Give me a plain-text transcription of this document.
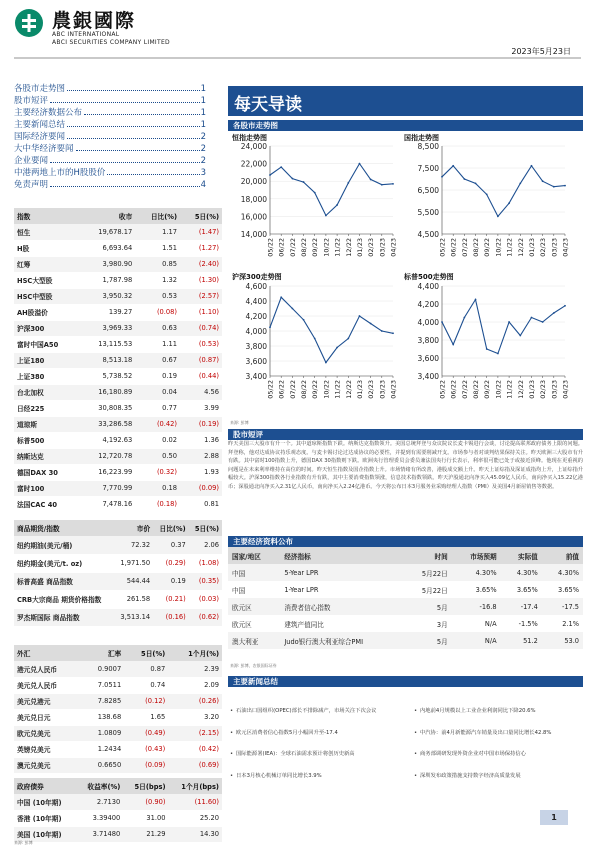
農銀國際
ABC INTERNATIONAL
ABCI SECURITIES COMPANY LIMITED
2023年5月23日
各股市走势图	1
股市短评	1
主要经济数据公布	1
主要新闻总结	1
国际经济要闻	2
大中华经济要闻	2
企业要闻	2
中港两地上市的H股股价	3
免责声明	4
指数	收市	日比(%)	5日(%)
恒生	19,678.17	1.17	(1.47)
H股	6,693.64	1.51	(1.27)
红筹	3,980.90	0.85	(2.40)
HSC大型股	1,787.98	1.32	(1.30)
HSC中型股	3,950.32	0.53	(2.57)
AH股溢价	139.27	(0.08)	(1.10)
沪深300	3,969.33	0.63	(0.74)
富时中国A50	13,115.53	1.11	(0.53)
上证180	8,513.18	0.67	(0.87)
上证380	5,738.52	0.19	(0.44)
台北加权	16,180.89	0.04	4.56
日经225	30,808.35	0.77	3.99
道琼斯	33,286.58	(0.42)	(0.19)
标普500	4,192.63	0.02	1.36
纳斯达克	12,720.78	0.50	2.88
德国DAX 30	16,223.99	(0.32)	1.93
富时100	7,770.99	0.18	(0.09)
法国CAC 40	7,478.16	(0.18)	0.81
商品期货/指数	市价	日比(%)	5日(%)
纽约期油(美元/桶)	72.32	0.37	2.06
纽约期金(美元/t. oz)	1,971.50	(0.29)	(1.08)
标普高盛 商品指数	544.44	0.19	(0.35)
CRB大宗商品 期货价格指数	261.58	(0.21)	(0.03)
罗杰斯国际 商品指数	3,513.14	(0.16)	(0.62)
外汇	汇率	5日(%)	1个月(%)
港元兑人民币	0.9007	0.87	2.39
美元兑人民币	7.0511	0.74	2.09
美元兑港元	7.8285	(0.12)	(0.26)
美元兑日元	138.68	1.65	3.20
欧元兑美元	1.0809	(0.49)	(2.15)
英镑兑美元	1.2434	(0.43)	(0.42)
澳元兑美元	0.6650	(0.09)	(0.69)
政府债券	收益率(%)	5日(bps)	1个月(bps)
中国 (10年期)	2.7130	(0.90)	(11.60)
香港 (10年期)	3.39400	31.00	25.20
美国 (10年期)	3.71480	21.29	14.30
来源: 彭博
每天导读
各股市走势图
恒指走势图
14,000
16,000
18,000
20,000
22,000
24,000
05/22 06/22 07/22 08/22 09/22 10/22 11/22 12/22 01/23 02/23 03/23 04/23
国指走势图
4,500
5,500
6,500
7,500
8,500
05/22 06/22 07/22 08/22 09/22 10/22 11/22 12/22 01/23 02/23 03/23 04/23
沪深300走势图
3,400
3,600
3,800
4,000
4,200
4,400
4,600
05/22 06/22 07/22 08/22 09/22 10/22 11/22 12/22 01/23 02/23 03/23 04/23
标普500走势图
3,400
3,600
3,800
4,000
4,200
4,400
05/22 06/22 07/22 08/22 09/22 10/22 11/22 12/22 01/23 02/23 03/23 04/23
来源: 彭博
股市短评
昨天美国三大股市有升一个。其中道琼斯指数下跌。纳斯达克指数领升。美国总统拜登与众议院议长麦卡锡进行会谈，讨论提高联邦政府债务上限的问题。拜登称，他对达成协议持乐观态度。与麦卡锡讨论过达成协议的必要性，并提到有需要削减开支。市场参与者对谈判结果保持关注。昨天欧洲三大股市有升有跌。其中富时100指数上升，德国DAX 30指数则下跌。欧洲央行管理委员会委员兼法国央行行长表示，利率很可能已处于或接近顶峰。他现在更重视的问题是在未来利率维持在高位的时间。昨天恒生指数及国企指数上升。市场情绪有所改善，港股成交额上升。昨天上证综指及深证成指均上升，上证综指升幅较大。沪深300指数各行业指数有升有跌，其中主要消费指数领涨，信息技术指数领跌。昨天沪股通北向净买入45.09亿人民币，南向净买入15.22亿港币；深股通北向净买入2.31亿人民币，南向净买入2.24亿港币。今天将公布日本3月服务业采购经理人指数（PMI）及美国4月新屋销售等数据。
主要经济资料公布
国家/地区	经济指标	时间	市场预期	实际值	前值
中国	5-Year LPR	5月22日	4.30%	4.30%	4.30%
中国	1-Year LPR	5月22日	3.65%	3.65%	3.65%
欧元区	消费者信心指数	5月	-16.8	-17.4	-17.5
欧元区	建筑产值同比	3月	N/A	-1.5%	2.1%
澳大利亚	Judo银行澳大利亚综合PMI	5月	N/A	51.2	53.0
来源: 彭博，农银国际证券
主要新闻总结
• 石油出口国组织(OPEC)部长不排除减产，市场关注下次会议
• 欧元区消费者信心指数5月小幅回升至-17.4
• 国际能源署(IEA)：全球石油需求预计将创历史新高
• 日本3月核心机械订单同比增长3.9%
• 内地前4月规模以上工业企业利润同比下降20.6%
• 中汽协：前4月新能源汽车销量及出口量同比增长42.8%
• 商务部调研发现外资企业对中国市场保持信心
• 深圳发布政策措施支持数字经济高质量发展
1
